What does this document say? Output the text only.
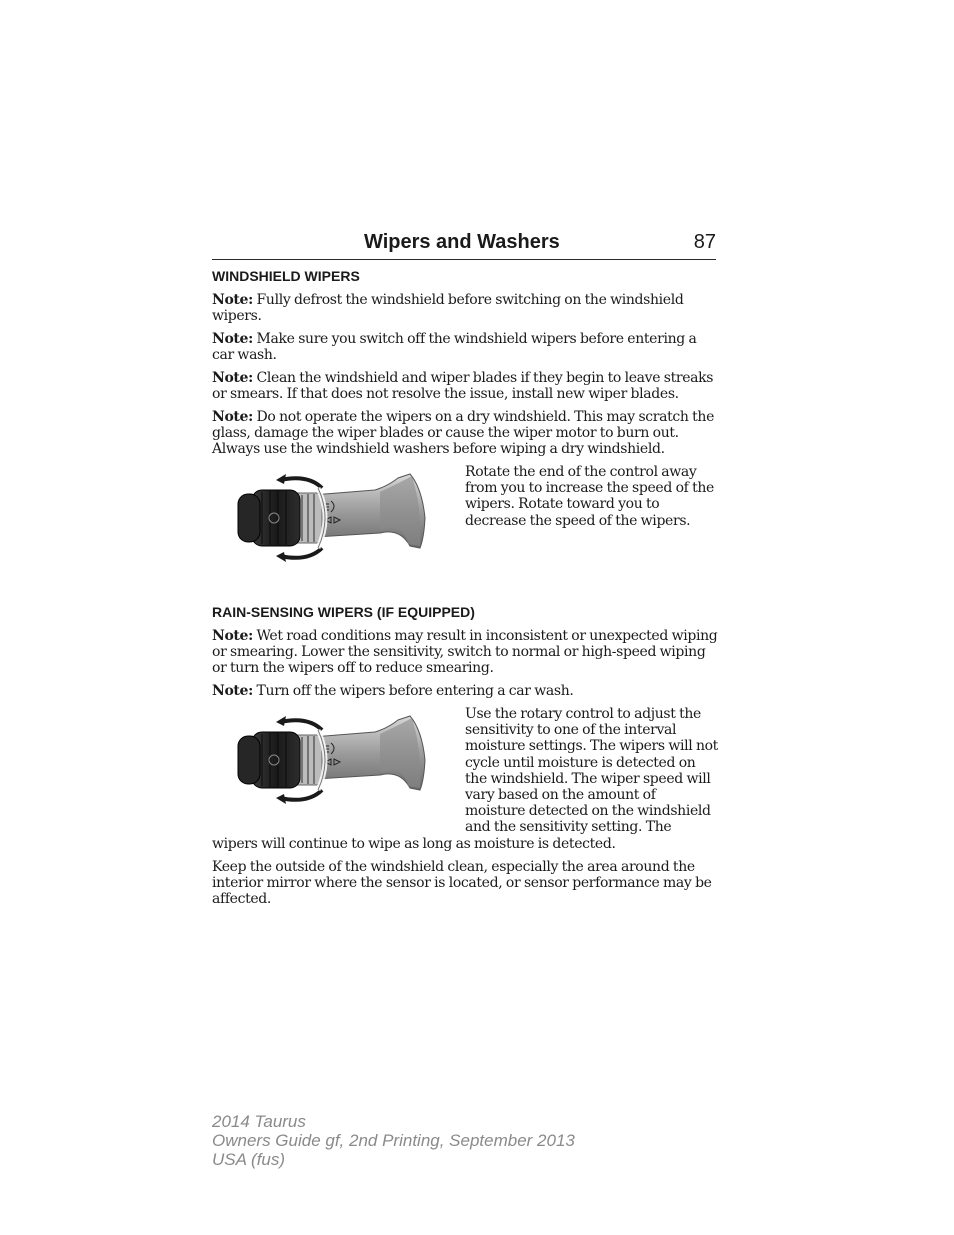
Wipers and Washers	87
WINDSHIELD WIPERS

Note: Fully defrost the windshield before switching on the windshield wipers.

Note: Make sure you switch off the windshield wipers before entering a car wash.

Note: Clean the windshield and wiper blades if they begin to leave streaks or smears. If that does not resolve the issue, install new wiper blades.

Note: Do not operate the wipers on a dry windshield. This may scratch the glass, damage the wiper blades or cause the wiper motor to burn out. Always use the windshield washers before wiping a dry windshield.

Rotate the end of the control away from you to increase the speed of the wipers. Rotate toward you to decrease the speed of the wipers.

RAIN-SENSING WIPERS (IF EQUIPPED)

Note: Wet road conditions may result in inconsistent or unexpected wiping or smearing. Lower the sensitivity, switch to normal or high-speed wiping or turn the wipers off to reduce smearing.

Note: Turn off the wipers before entering a car wash.

Use the rotary control to adjust the sensitivity to one of the interval moisture settings. The wipers will not cycle until moisture is detected on the windshield. The wiper speed will vary based on the amount of moisture detected on the windshield and the sensitivity setting. The

wipers will continue to wipe as long as moisture is detected.

Keep the outside of the windshield clean, especially the area around the interior mirror where the sensor is located, or sensor performance may be affected.

2014 Taurus
Owners Guide gf, 2nd Printing, September 2013
USA (fus)
